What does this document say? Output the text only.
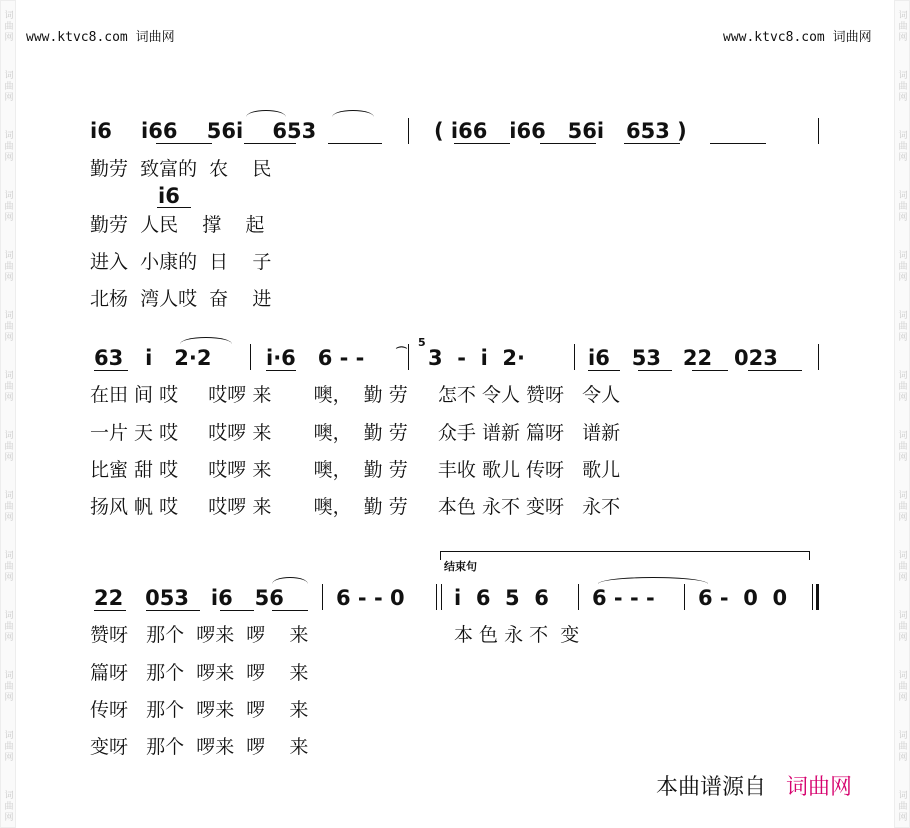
词
曲
网
词
曲
网
词
曲
网
词
曲
网
词
曲
网
词
曲
网
词
曲
网
词
曲
网
词
曲
网
词
曲
网
词
曲
网
词
曲
网
词
曲
网
词
曲
网
词
曲
网
词
曲
网
词
曲
网
词
曲
网
词
曲
网
词
曲
网
词
曲
网
词
曲
网
词
曲
网
词
曲
网
词
曲
网
词
曲
网
词
曲
网
词
曲
网
www.ktvc8.com 词曲网	www.ktvc8.com 词曲网
i6    i66    56i    653	( i66   i66   56i   653 )
勤劳  致富的  农    民
i6
勤劳  人民    撑    起
进入  小康的  日    子
北杨  湾人哎  奋    进
63   i   2·2	i·6   6 - -	⌒
5
3  -  i  2·	i6   53   22   023
在田 间 哎     哎啰 来       噢，  勤 劳     怎不 令人 赞呀   令人
一片 天 哎     哎啰 来       噢，  勤 劳     众手 谱新 篇呀   谱新
比蜜 甜 哎     哎啰 来       噢，  勤 劳     丰收 歌儿 传呀   歌儿
扬风 帆 哎     哎啰 来       噢，  勤 劳     本色 永不 变呀   永不
结束句
22   053   i6   56 6 - - 0 i  6  5  6 6 - - - 6 -  0  0
赞呀   那个  啰来  啰    来	本 色 永 不  变
篇呀   那个  啰来  啰    来
传呀   那个  啰来  啰    来
变呀   那个  啰来  啰    来
本曲谱源自 词曲网
